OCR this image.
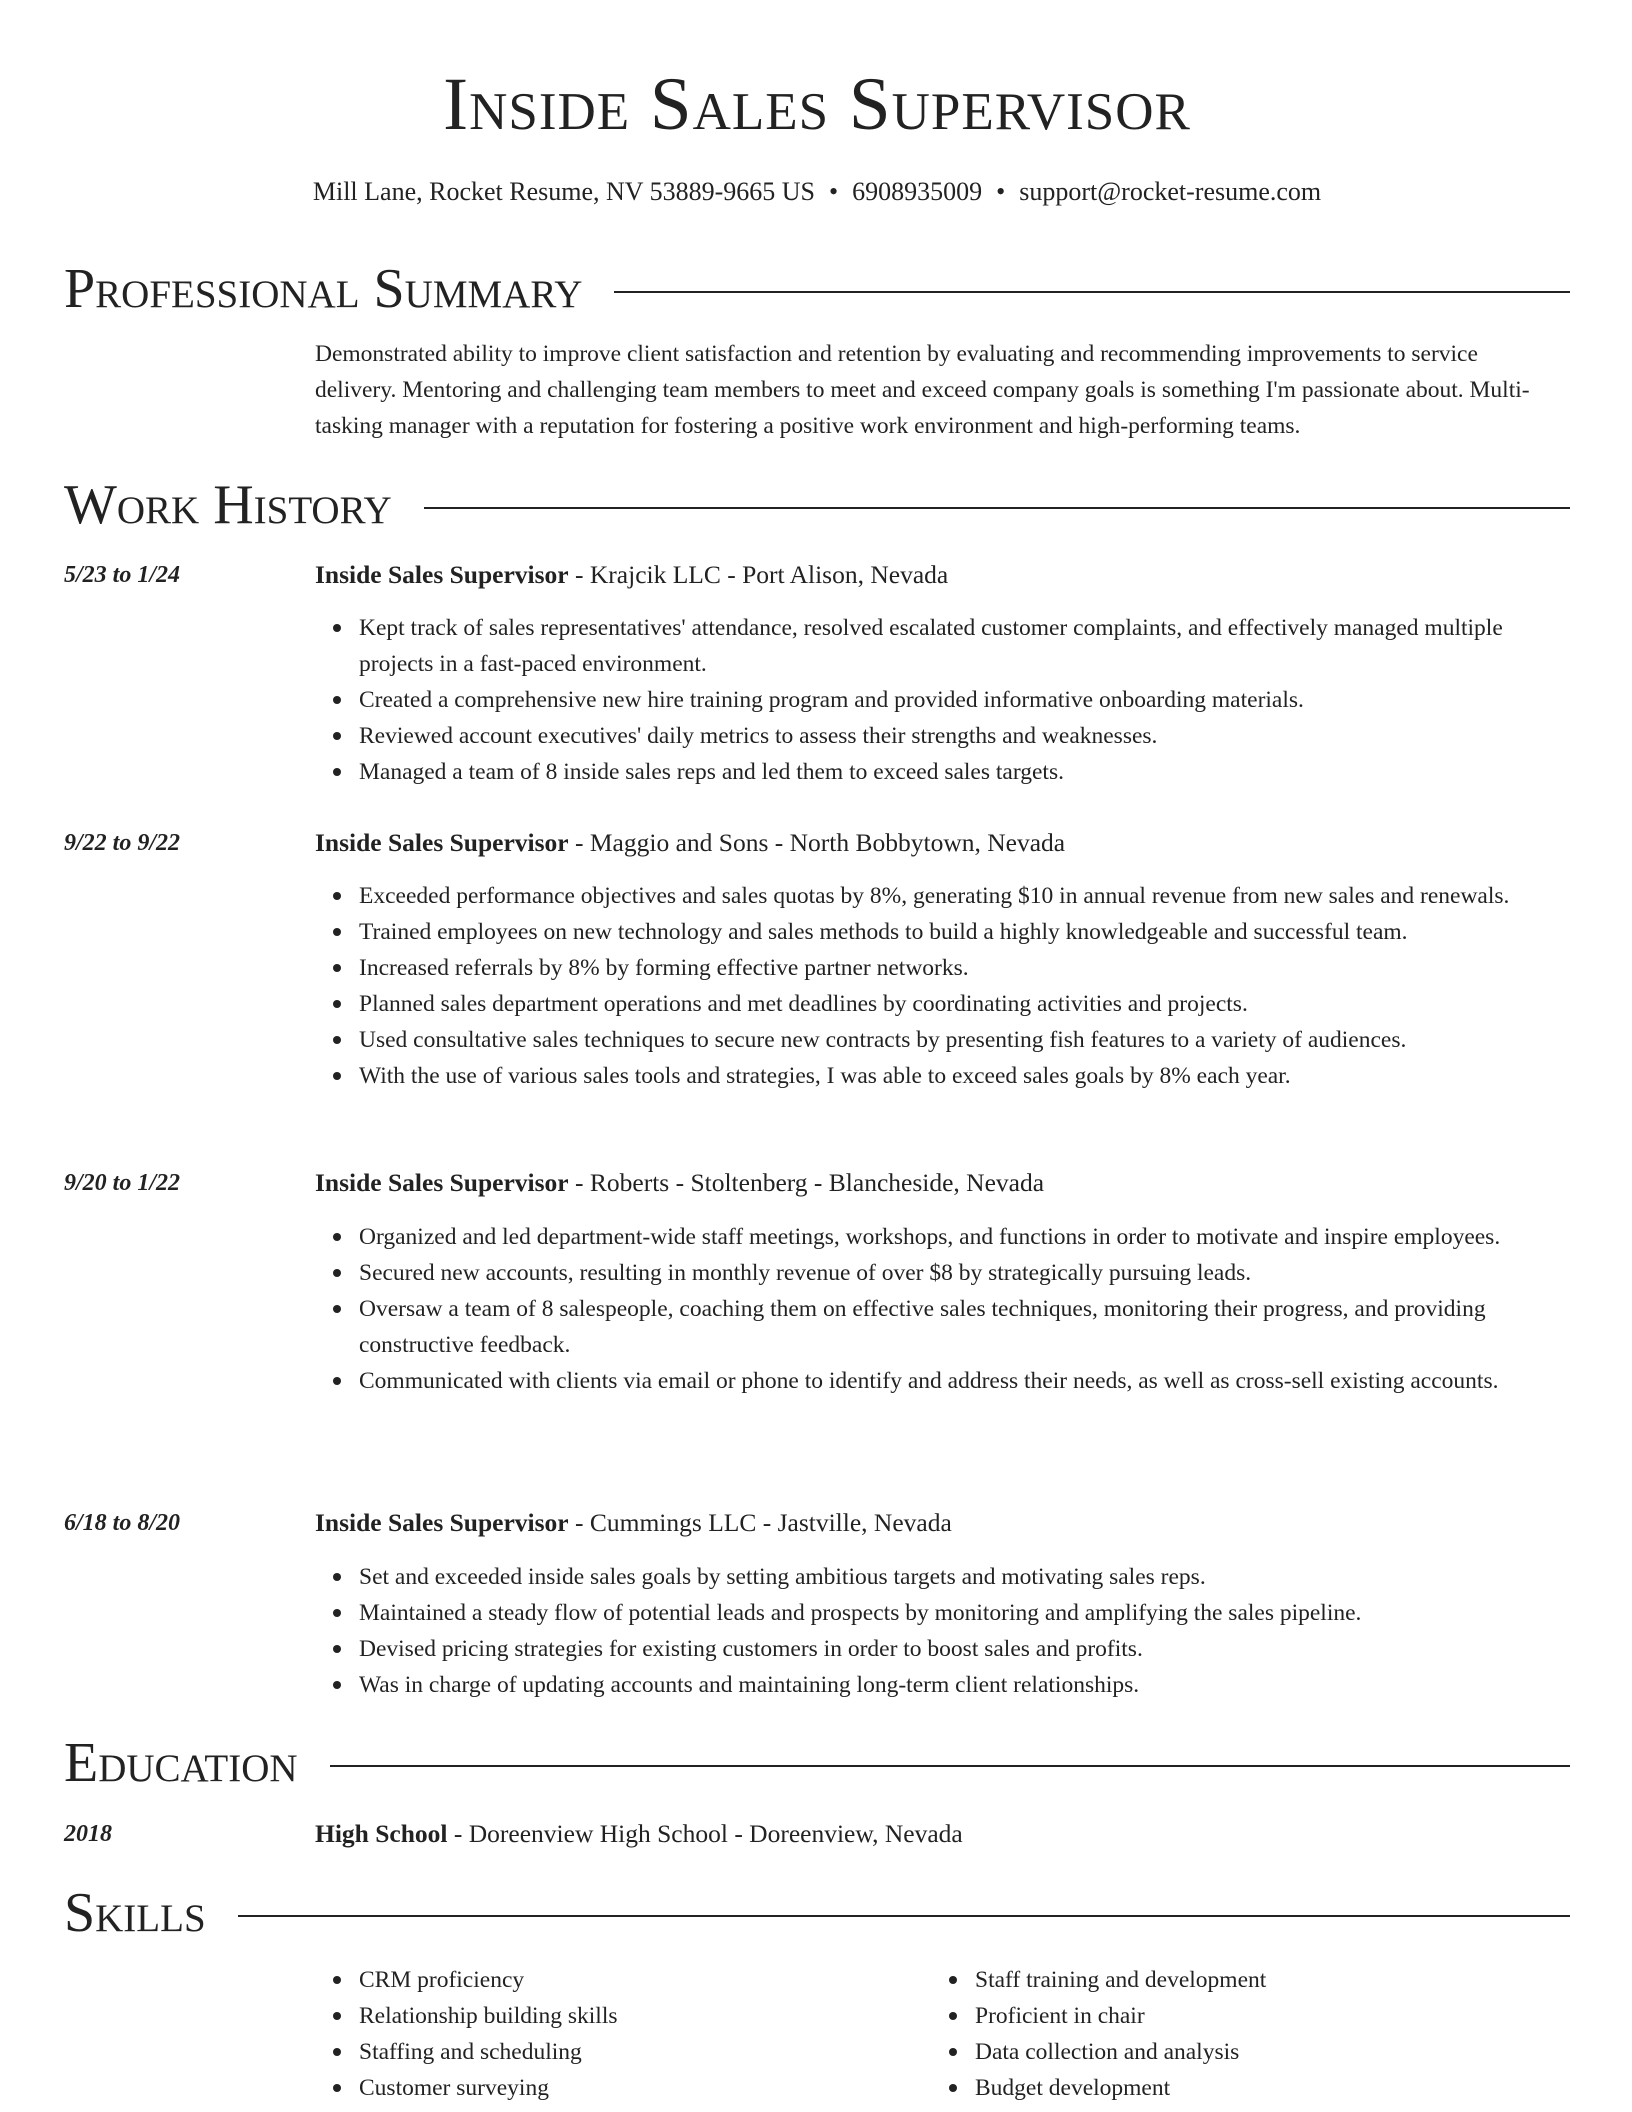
Inside Sales Supervisor
Mill Lane, Rocket Resume, NV 53889-9665 US • 6908935009 • support@rocket-resume.com
Professional Summary
Demonstrated ability to improve client satisfaction and retention by evaluating and recommending improvements to service delivery. Mentoring and challenging team members to meet and exceed company goals is something I'm passionate about. Multi-tasking manager with a reputation for fostering a positive work environment and high-performing teams.
Work History
5/23 to 1/24	Inside Sales Supervisor - Krajcik LLC - Port Alison, Nevada
Kept track of sales representatives' attendance, resolved escalated customer complaints, and effectively managed multiple projects in a fast-paced environment.
Created a comprehensive new hire training program and provided informative onboarding materials.
Reviewed account executives' daily metrics to assess their strengths and weaknesses.
Managed a team of 8 inside sales reps and led them to exceed sales targets.
9/22 to 9/22	Inside Sales Supervisor - Maggio and Sons - North Bobbytown, Nevada
Exceeded performance objectives and sales quotas by 8%, generating $10 in annual revenue from new sales and renewals.
Trained employees on new technology and sales methods to build a highly knowledgeable and successful team.
Increased referrals by 8% by forming effective partner networks.
Planned sales department operations and met deadlines by coordinating activities and projects.
Used consultative sales techniques to secure new contracts by presenting fish features to a variety of audiences.
With the use of various sales tools and strategies, I was able to exceed sales goals by 8% each year.
9/20 to 1/22	Inside Sales Supervisor - Roberts - Stoltenberg - Blancheside, Nevada
Organized and led department-wide staff meetings, workshops, and functions in order to motivate and inspire employees.
Secured new accounts, resulting in monthly revenue of over $8 by strategically pursuing leads.
Oversaw a team of 8 salespeople, coaching them on effective sales techniques, monitoring their progress, and providing constructive feedback.
Communicated with clients via email or phone to identify and address their needs, as well as cross-sell existing accounts.
6/18 to 8/20	Inside Sales Supervisor - Cummings LLC - Jastville, Nevada
Set and exceeded inside sales goals by setting ambitious targets and motivating sales reps.
Maintained a steady flow of potential leads and prospects by monitoring and amplifying the sales pipeline.
Devised pricing strategies for existing customers in order to boost sales and profits.
Was in charge of updating accounts and maintaining long-term client relationships.
Education
2018	High School - Doreenview High School - Doreenview, Nevada
Skills
CRM proficiency
Relationship building skills
Staffing and scheduling
Customer surveying
Staff training and development
Proficient in chair
Data collection and analysis
Budget development
